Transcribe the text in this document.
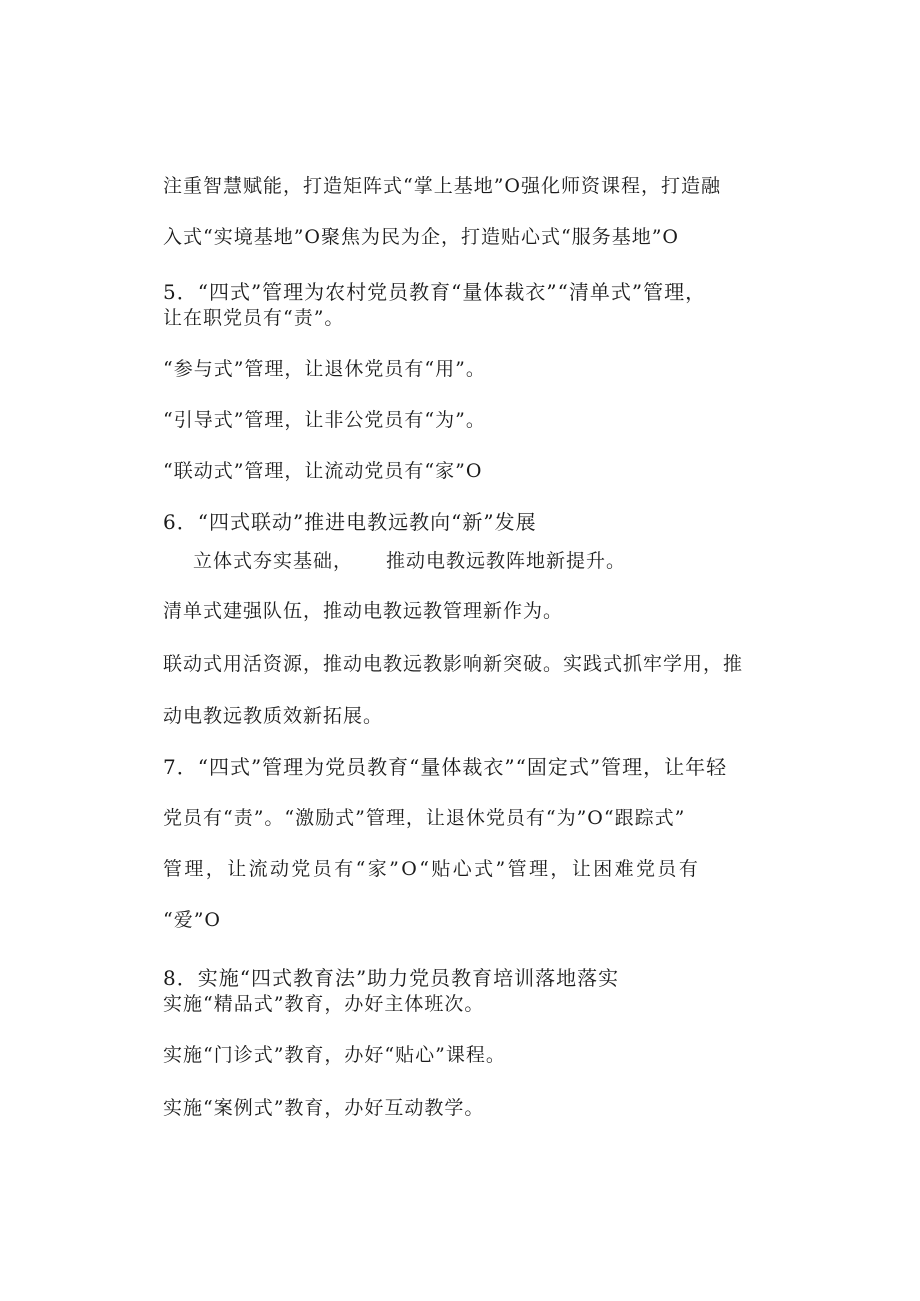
注重智慧赋能，打造矩阵式“掌上基地”O强化师资课程，打造融
入式“实境基地”O聚焦为民为企，打造贴心式“服务基地”O
5．“四式”管理为农村党员教育“量体裁衣”“清单式”管理，
让在职党员有“责”。
“参与式”管理，让退休党员有“用”。
“引导式”管理，让非公党员有“为”。
“联动式”管理，让流动党员有“家”O
6．“四式联动”推进电教远教向“新”发展
立体式夯实基础， 推动电教远教阵地新提升。
清单式建强队伍，推动电教远教管理新作为。
联动式用活资源，推动电教远教影响新突破。实践式抓牢学用，推
动电教远教质效新拓展。
7．“四式”管理为党员教育“量体裁衣”“固定式”管理，让年轻
党员有“责”。“激励式”管理，让退休党员有“为”O“跟踪式”
管理，让流动党员有“家”O“贴心式”管理，让困难党员有
“爱”O
8．实施“四式教育法”助力党员教育培训落地落实
实施“精品式”教育，办好主体班次。
实施“门诊式”教育，办好“贴心”课程。
实施“案例式”教育，办好互动教学。
